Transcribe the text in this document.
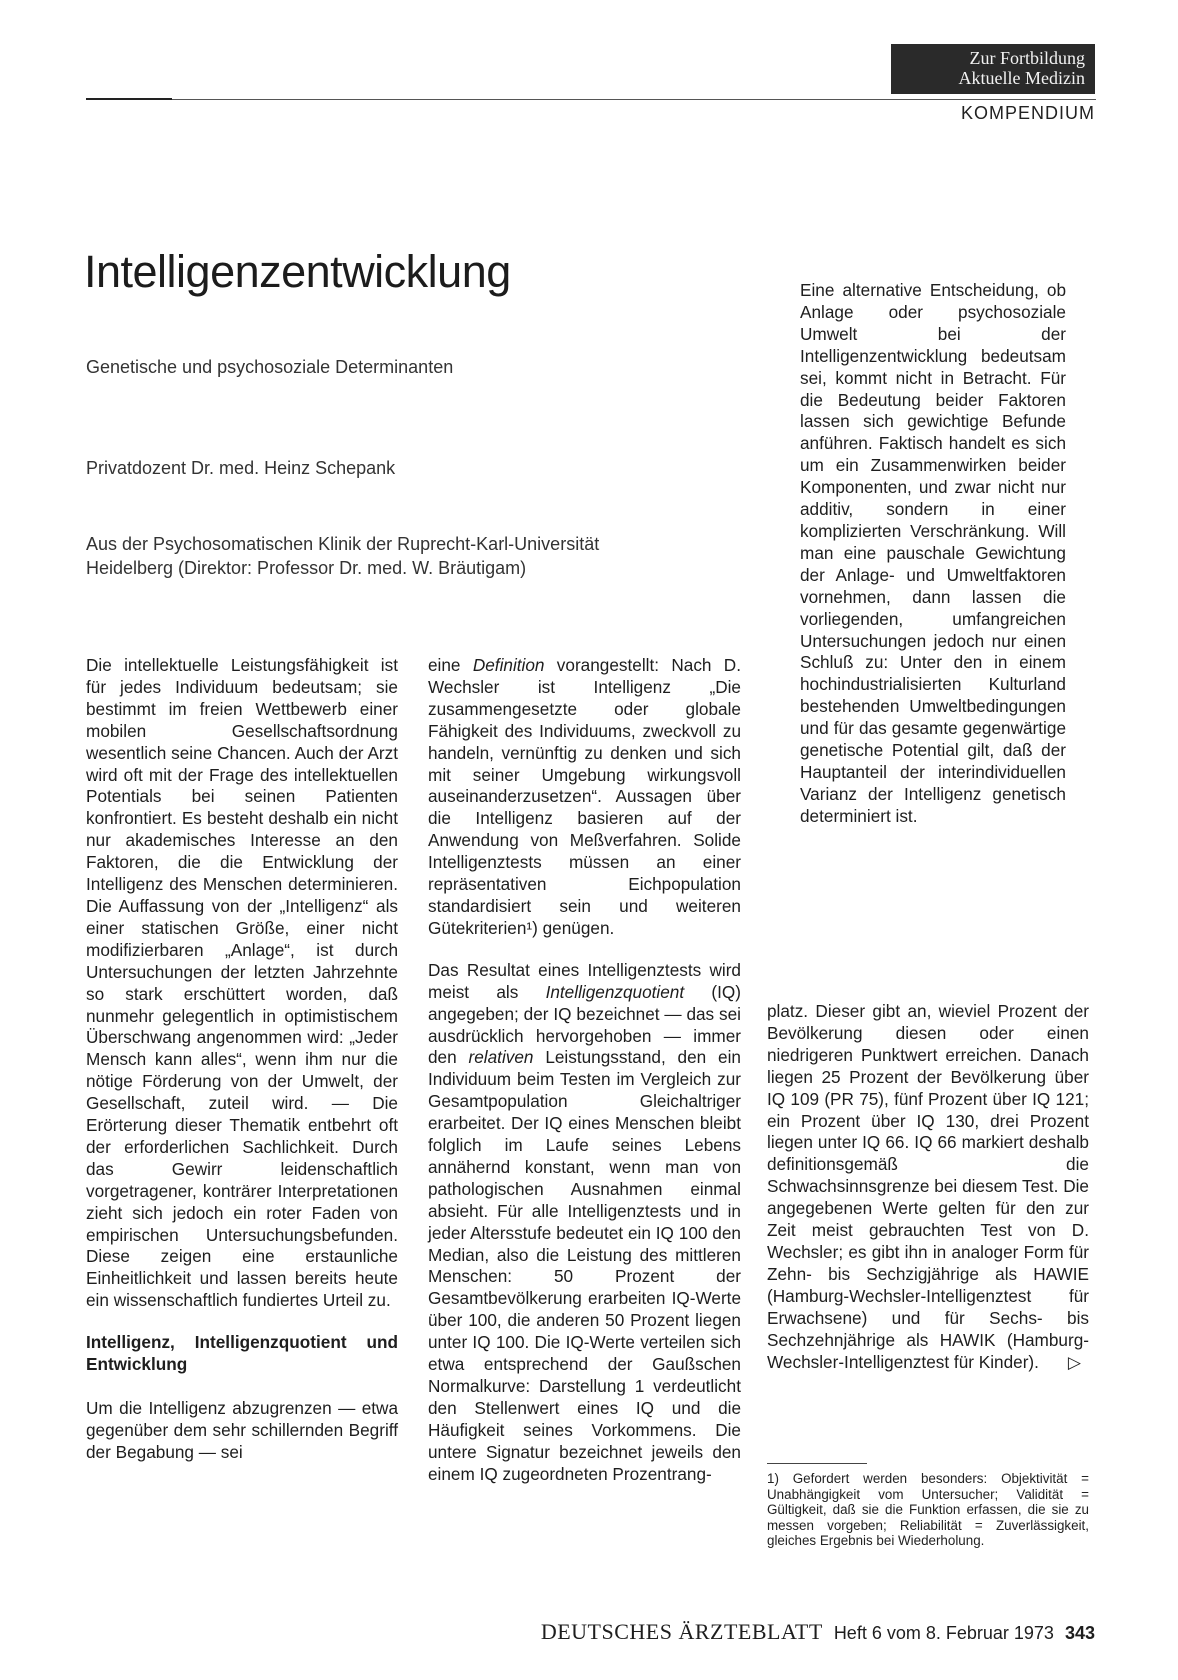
Zur Fortbildung
Aktuelle Medizin
KOMPENDIUM
Intelligenzentwicklung
Genetische und psychosoziale Determinanten
Privatdozent Dr. med. Heinz Schepank
Aus der Psychosomatischen Klinik der Ruprecht-Karl-Universität
Heidelberg (Direktor: Professor Dr. med. W. Bräutigam)

Die intellektuelle Leistungsfähigkeit ist für jedes Individuum bedeutsam; sie bestimmt im freien Wettbewerb einer mobilen Gesellschaftsordnung wesentlich seine Chancen. Auch der Arzt wird oft mit der Frage des intellektuellen Potentials bei seinen Patienten konfrontiert. Es besteht deshalb ein nicht nur akademisches Interesse an den Faktoren, die die Entwicklung der Intelligenz des Menschen determinieren. Die Auffassung von der „Intelligenz“ als einer statischen Größe, einer nicht modifizierbaren „Anlage“, ist durch Untersuchungen der letzten Jahrzehnte so stark erschüttert worden, daß nunmehr gelegentlich in optimistischem Überschwang angenommen wird: „Jeder Mensch kann alles“, wenn ihm nur die nötige Förderung von der Umwelt, der Gesellschaft, zuteil wird. — Die Erörterung dieser Thematik entbehrt oft der erforderlichen Sachlichkeit. Durch das Gewirr leidenschaftlich vorgetragener, konträrer Interpretationen zieht sich jedoch ein roter Faden von empirischen Untersuchungsbefunden. Diese zeigen eine erstaunliche Einheitlichkeit und lassen bereits heute ein wissenschaftlich fundiertes Urteil zu.

Intelligenz, Intelligenzquotient und Entwicklung

Um die Intelligenz abzugrenzen — etwa gegenüber dem sehr schillernden Begriff der Begabung — sei

eine Definition vorangestellt: Nach D. Wechsler ist Intelligenz „Die zusammengesetzte oder globale Fähigkeit des Individuums, zweckvoll zu handeln, vernünftig zu denken und sich mit seiner Umgebung wirkungsvoll auseinanderzusetzen“. Aussagen über die Intelligenz basieren auf der Anwendung von Meßverfahren. Solide Intelligenztests müssen an einer repräsentativen Eichpopulation standardisiert sein und weiteren Gütekriterien¹) genügen.

Das Resultat eines Intelligenztests wird meist als Intelligenzquotient (IQ) angegeben; der IQ bezeichnet — das sei ausdrücklich hervorgehoben — immer den relativen Leistungsstand, den ein Individuum beim Testen im Vergleich zur Gesamtpopulation Gleichaltriger erarbeitet. Der IQ eines Menschen bleibt folglich im Laufe seines Lebens annähernd konstant, wenn man von pathologischen Ausnahmen einmal absieht. Für alle Intelligenztests und in jeder Altersstufe bedeutet ein IQ 100 den Median, also die Leistung des mittleren Menschen: 50 Prozent der Gesamtbevölkerung erarbeiten IQ-Werte über 100, die anderen 50 Prozent liegen unter IQ 100. Die IQ-Werte verteilen sich etwa entsprechend der Gaußschen Normalkurve: Darstellung 1 verdeutlicht den Stellenwert eines IQ und die Häufigkeit seines Vorkommens. Die untere Signatur bezeichnet jeweils den einem IQ zugeordneten Prozentrang-

Eine alternative Entscheidung, ob Anlage oder psychosoziale Umwelt bei der Intelligenzentwicklung bedeutsam sei, kommt nicht in Betracht. Für die Bedeutung beider Faktoren lassen sich gewichtige Befunde anführen. Faktisch handelt es sich um ein Zusammenwirken beider Komponenten, und zwar nicht nur additiv, sondern in einer komplizierten Verschränkung. Will man eine pauschale Gewichtung der Anlage- und Umweltfaktoren vornehmen, dann lassen die vorliegenden, umfangreichen Untersuchungen jedoch nur einen Schluß zu: Unter den in einem hochindustrialisierten Kulturland bestehenden Umweltbedingungen und für das gesamte gegenwärtige genetische Potential gilt, daß der Hauptanteil der interindividuellen Varianz der Intelligenz genetisch determiniert ist.

platz. Dieser gibt an, wieviel Prozent der Bevölkerung diesen oder einen niedrigeren Punktwert erreichen. Danach liegen 25 Prozent der Bevölkerung über IQ 109 (PR 75), fünf Prozent über IQ 121; ein Prozent über IQ 130, drei Prozent liegen unter IQ 66. IQ 66 markiert deshalb definitionsgemäß die Schwachsinnsgrenze bei diesem Test. Die angegebenen Werte gelten für den zur Zeit meist gebrauchten Test von D. Wechsler; es gibt ihn in analoger Form für Zehn- bis Sechzigjährige als HAWIE (Hamburg-Wechsler-Intelligenztest für Erwachsene) und für Sechs- bis Sechzehnjährige als HAWIK (Hamburg-Wechsler-Intelligenztest für Kinder). ▷

1) Gefordert werden besonders: Objektivität = Unabhängigkeit vom Untersucher; Validität = Gültigkeit, daß sie die Funktion erfassen, die sie zu messen vorgeben; Reliabilität = Zuverlässigkeit, gleiches Ergebnis bei Wiederholung.
DEUTSCHES ÄRZTEBLATT Heft 6 vom 8. Februar 1973 343
